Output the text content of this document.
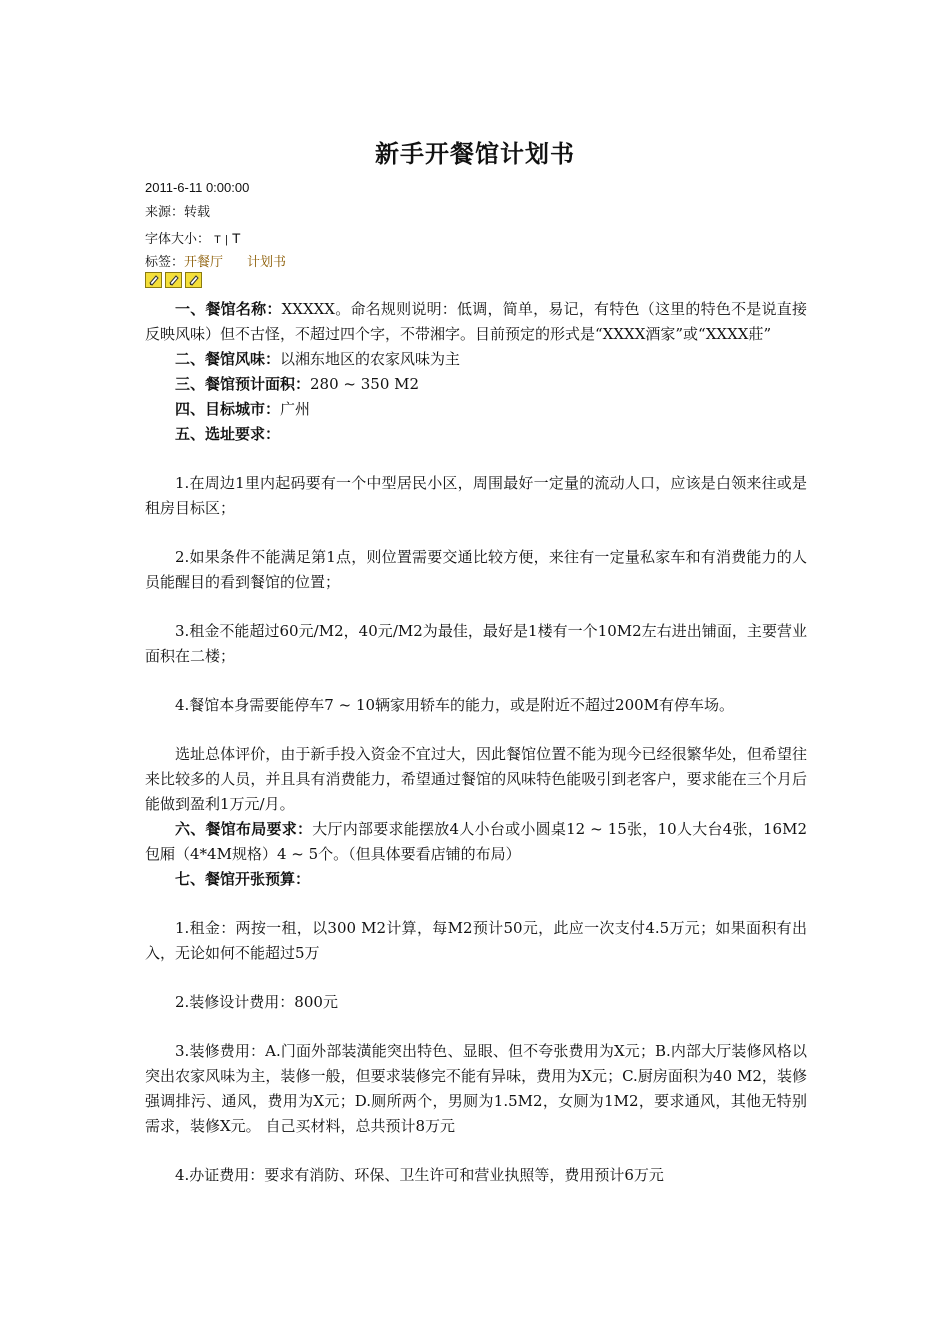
新手开餐馆计划书
2011-6-11 0:00:00
来源：转载
字体大小： T | T
标签：开餐厅 计划书

一、餐馆名称：XXXXX。命名规则说明：低调，简单，易记，有特色（这里的特色不是说直接反映风味）但不古怪，不超过四个字，不带湘字。目前预定的形式是“XXXX酒家”或“XXXX莊”

二、餐馆风味：以湘东地区的农家风味为主

三、餐馆预计面积：280 ~ 350 M2

四、目标城市：广州

五、选址要求：

1.在周边1里内起码要有一个中型居民小区，周围最好一定量的流动人口，应该是白领来往或是租房目标区；

2.如果条件不能满足第1点，则位置需要交通比较方便，来往有一定量私家车和有消费能力的人员能醒目的看到餐馆的位置；

3.租金不能超过60元/M2，40元/M2为最佳，最好是1楼有一个10M2左右进出铺面，主要营业面积在二楼；

4.餐馆本身需要能停车7 ~ 10辆家用轿车的能力，或是附近不超过200M有停车场。

选址总体评价，由于新手投入资金不宜过大，因此餐馆位置不能为现今已经很繁华处，但希望往来比较多的人员，并且具有消费能力，希望通过餐馆的风味特色能吸引到老客户，要求能在三个月后能做到盈利1万元/月。

六、餐馆布局要求：大厅内部要求能摆放4人小台或小圆桌12 ~ 15张，10人大台4张，16M2包厢（4*4M规格）4 ~ 5个。（但具体要看店铺的布局）

七、餐馆开张预算：

1.租金：两按一租，以300 M2计算，每M2预计50元，此应一次支付4.5万元；如果面积有出入，无论如何不能超过5万

2.装修设计费用：800元

3.装修费用：A.门面外部装潢能突出特色、显眼、但不夸张费用为X元；B.内部大厅装修风格以突出农家风味为主，装修一般，但要求装修完不能有异味，费用为X元；C.厨房面积为40 M2，装修强调排污、通风，费用为X元；D.厕所两个，男厕为1.5M2，女厕为1M2，要求通风，其他无特别需求，装修X元。 自己买材料，总共预计8万元

4.办证费用：要求有消防、环保、卫生许可和营业执照等，费用预计6万元
